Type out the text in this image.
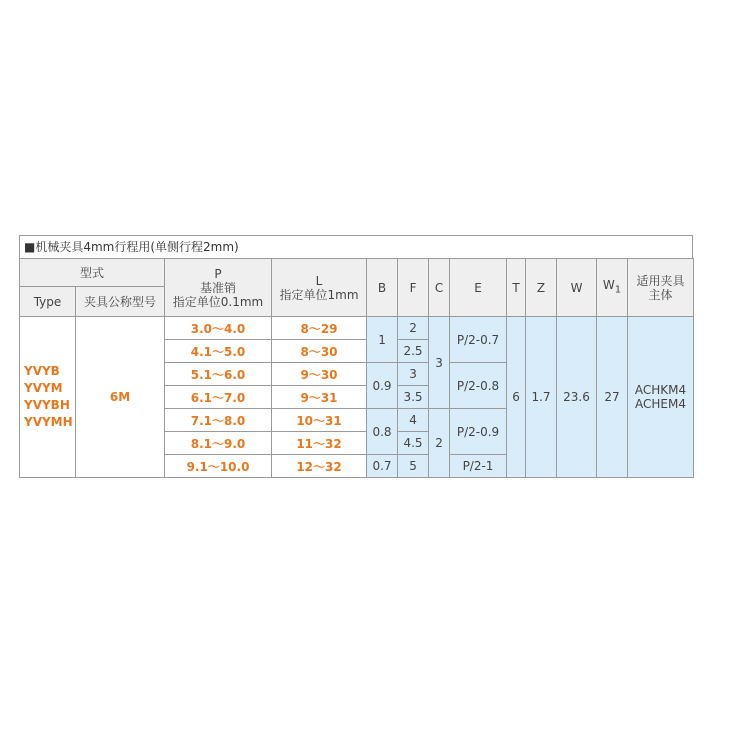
■机械夹具4mm行程用(单侧行程2mm)
型式		P
基准销
指定单位0.1mm	L
指定单位1mm	B	F	C	E	T	Z	W	$W_1$	适用夹具
主体

Type	夹具公称型号											

YVYB
YVYM
YVYBH
YVYMH	6M	3.0～4.0	8～29	1	2	3	P/2-0.7	6	1.7	23.6	27	ACHKM4
ACHEM4

		4.1～5.0	8～30		2.5							
		5.1～6.0	9～30	0.9	3		P/2-0.8					
		6.1～7.0	9～31		3.5							
		7.1～8.0	10～31	0.8	4	2	P/2-0.9					
		8.1～9.0	11～32		4.5							
		9.1～10.0	12～32	0.7	5		P/2-1					
